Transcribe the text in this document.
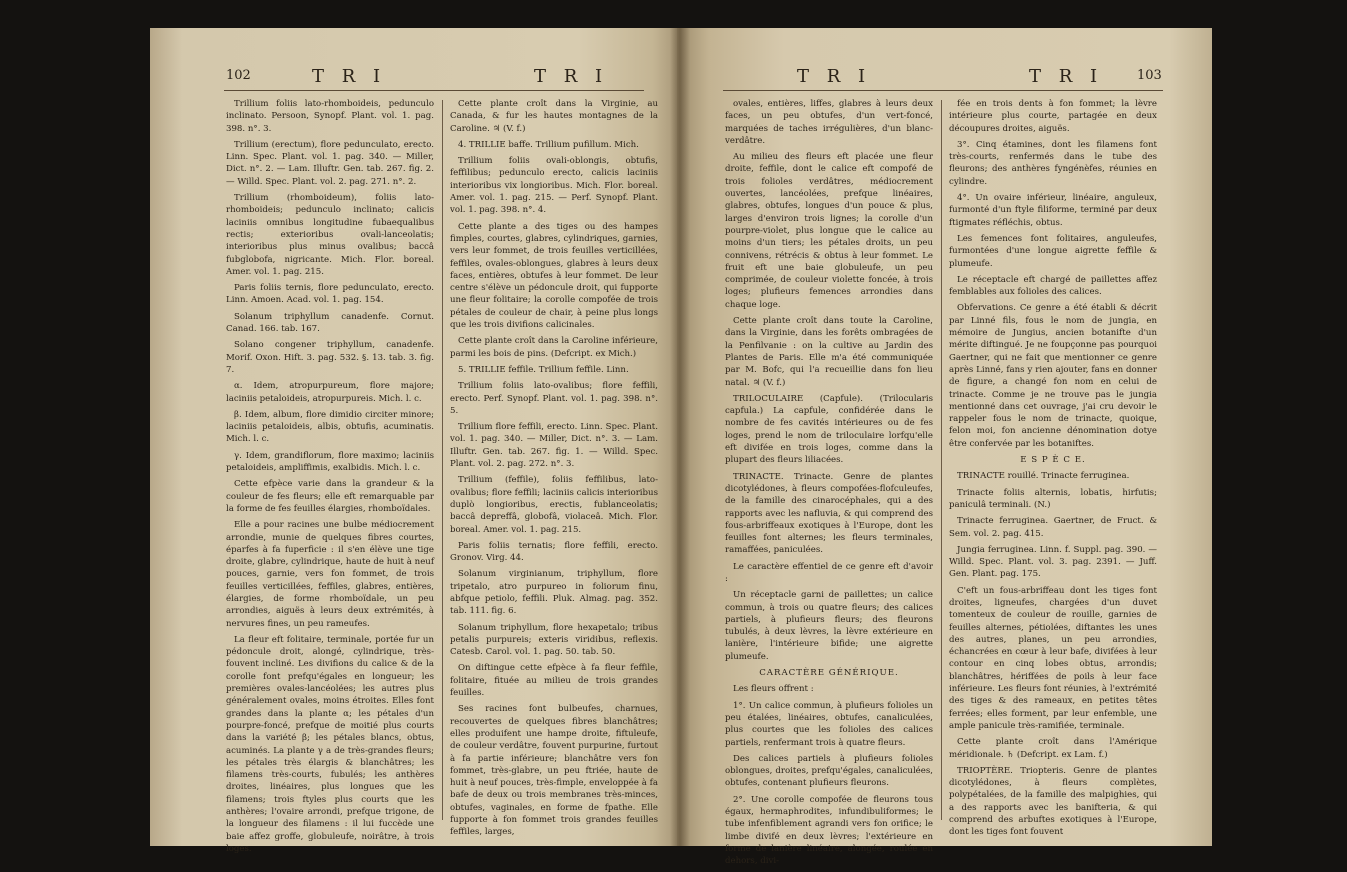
102	T R I	T R I

Trillium foliis lato-rhomboideis, pedunculo inclinato. Persoon, Synopf. Plant. vol. 1. pag. 398. n°. 3.

Trillium (erectum), flore pedunculato, erecto. Linn. Spec. Plant. vol. 1. pag. 340. — Miller, Dict. n°. 2. — Lam. Illuftr. Gen. tab. 267. fig. 2. — Willd. Spec. Plant. vol. 2. pag. 271. n°. 2.

Trillium (rhomboideum), foliis lato-rhomboideis; pedunculo inclinato; calicis laciniis omnibus longitudine fubaequalibus rectis; exterioribus ovali-lanceolatis; interioribus plus minus ovalibus; baccâ fubglobofa, nigricante. Mich. Flor. boreal. Amer. vol. 1. pag. 215.

Paris foliis ternis, flore pedunculato, erecto. Linn. Amoen. Acad. vol. 1. pag. 154.

Solanum triphyllum canadenfe. Cornut. Canad. 166. tab. 167.

Solano congener triphyllum, canadenfe. Morif. Oxon. Hift. 3. pag. 532. §. 13. tab. 3. fig. 7.

α. Idem, atropurpureum, flore majore; laciniis petaloideis, atropurpureis. Mich. l. c.

β. Idem, album, flore dimidio circiter minore; laciniis petaloideis, albis, obtufis, acuminatis. Mich. l. c.

γ. Idem, grandiflorum, flore maximo; laciniis petaloideis, ampliffimis, exalbidis. Mich. l. c.

Cette efpèce varie dans la grandeur & la couleur de fes fleurs; elle eft remarquable par la forme de fes feuilles élargies, rhomboïdales.

Elle a pour racines une bulbe médiocrement arrondie, munie de quelques fibres courtes, éparfes à fa fuperficie : il s'en élève une tige droite, glabre, cylindrique, haute de huit à neuf pouces, garnie, vers fon fommet, de trois feuilles verticillées, feffiles, glabres, entières, élargies, de forme rhomboïdale, un peu arrondies, aiguës à leurs deux extrémités, à nervures fines, un peu rameufes.

La fleur eft folitaire, terminale, portée fur un pédoncule droit, alongé, cylindrique, très-fouvent incliné. Les divifions du calice & de la corolle font prefqu'égales en longueur; les premières ovales-lancéolées; les autres plus généralement ovales, moins étroites. Elles font grandes dans la plante α; les pétales d'un pourpre-foncé, prefque de moitié plus courts dans la variété β; les pétales blancs, obtus, acuminés. La plante γ a de très-grandes fleurs; les pétales très élargis & blanchâtres; les filamens très-courts, fubulés; les anthères droites, linéaires, plus longues que les filamens; trois ftyles plus courts que les anthères; l'ovaire arrondi, prefque trigone, de la longueur des filamens : il lui fuccède une baie affez groffe, globuleufe, noirâtre, à trois loges.

Cette plante croît dans la Virginie, au Canada, & fur les hautes montagnes de la Caroline. ♃ (V. f.)

4. TRILLIE baffe. Trillium pufillum. Mich.

Trillium foliis ovali-oblongis, obtufis, feffilibus; pedunculo erecto, calicis laciniis interioribus vix longioribus. Mich. Flor. boreal. Amer. vol. 1. pag. 215. — Perf. Synopf. Plant. vol. 1. pag. 398. n°. 4.

Cette plante a des tiges ou des hampes fimples, courtes, glabres, cylindriques, garnies, vers leur fommet, de trois feuilles verticillées, feffiles, ovales-oblongues, glabres à leurs deux faces, entières, obtufes à leur fommet. De leur centre s'élève un pédoncule droit, qui fupporte une fleur folitaire; la corolle compofée de trois pétales de couleur de chair, à peine plus longs que les trois divifions calicinales.

Cette plante croît dans la Caroline inférieure, parmi les bois de pins. (Defcript. ex Mich.)

5. TRILLIE feffile. Trillium feffile. Linn.

Trillium foliis lato-ovalibus; flore feffili, erecto. Perf. Synopf. Plant. vol. 1. pag. 398. n°. 5.

Trillium flore feffili, erecto. Linn. Spec. Plant. vol. 1. pag. 340. — Miller, Dict. n°. 3. — Lam. Illuftr. Gen. tab. 267. fig. 1. — Willd. Spec. Plant. vol. 2. pag. 272. n°. 3.

Trillium (feffile), foliis feffilibus, lato-ovalibus; flore feffili; laciniis calicis interioribus duplò longioribus, erectis, fublanceolatis; baccâ depreffâ, globofâ, violaceâ. Mich. Flor. boreal. Amer. vol. 1. pag. 215.

Paris foliis ternatis; flore feffili, erecto. Gronov. Virg. 44.

Solanum virginianum, triphyllum, flore tripetalo, atro purpureo in foliorum finu, abfque petiolo, feffili. Pluk. Almag. pag. 352. tab. 111. fig. 6.

Solanum triphyllum, flore hexapetalo; tribus petalis purpureis; exteris viridibus, reflexis. Catesb. Carol. vol. 1. pag. 50. tab. 50.

On diftingue cette efpèce à fa fleur feffile, folitaire, fituée au milieu de trois grandes feuilles.

Ses racines font bulbeufes, charnues, recouvertes de quelques fibres blanchâtres; elles produifent une hampe droite, fiftuleufe, de couleur verdâtre, fouvent purpurine, furtout à fa partie inférieure; blanchâtre vers fon fommet, très-glabre, un peu ftriée, haute de huit à neuf pouces, très-fimple, enveloppée à fa bafe de deux ou trois membranes très-minces, obtufes, vaginales, en forme de fpathe. Elle fupporte à fon fommet trois grandes feuilles feffiles, larges,

T R I	T R I	103

ovales, entières, liffes, glabres à leurs deux faces, un peu obtufes, d'un vert-foncé, marquées de taches irrégulières, d'un blanc-verdâtre.

Au milieu des fleurs eft placée une fleur droite, feffile, dont le calice eft compofé de trois folioles verdâtres, médiocrement ouvertes, lancéolées, prefque linéaires, glabres, obtufes, longues d'un pouce & plus, larges d'environ trois lignes; la corolle d'un pourpre-violet, plus longue que le calice au moins d'un tiers; les pétales droits, un peu connivens, rétrécis & obtus à leur fommet. Le fruit eft une baie globuleufe, un peu comprimée, de couleur violette foncée, à trois loges; plufieurs femences arrondies dans chaque loge.

Cette plante croît dans toute la Caroline, dans la Virginie, dans les forêts ombragées de la Penfilvanie : on la cultive au Jardin des Plantes de Paris. Elle m'a été communiquée par M. Bofc, qui l'a recueillie dans fon lieu natal. ♃ (V. f.)

TRILOCULAIRE (Capfule). (Trilocularis capfula.) La capfule, confidérée dans le nombre de fes cavités intérieures ou de fes loges, prend le nom de triloculaire lorfqu'elle eft divifée en trois loges, comme dans la plupart des fleurs liliacées.

TRINACTE. Trinacte. Genre de plantes dicotylédones, à fleurs compofées-flofculeufes, de la famille des cinarocéphales, qui a des rapports avec les nafluvia, & qui comprend des fous-arbriffeaux exotiques à l'Europe, dont les feuilles font alternes; les fleurs terminales, ramaffées, paniculées.

Le caractère effentiel de ce genre eft d'avoir :

Un réceptacle garni de paillettes; un calice commun, à trois ou quatre fleurs; des calices partiels, à plufieurs fleurs; des fleurons tubulés, à deux lèvres, la lèvre extérieure en lanière, l'intérieure bifide; une aigrette plumeufe.

CARACTÈRE GÉNÉRIQUE.

Les fleurs offrent :

1°. Un calice commun, à plufieurs folioles un peu étalées, linéaires, obtufes, canaliculées, plus courtes que les folioles des calices partiels, renfermant trois à quatre fleurs.

Des calices partiels à plufieurs folioles oblongues, droites, prefqu'égales, canaliculées, obtufes, contenant plufieurs fleurons.

2°. Une corolle compofée de fleurons tous égaux, hermaphrodites, infundibuliformes; le tube infenfiblement agrandi vers fon orifice; le limbe divifé en deux lèvres; l'extérieure en forme de lanière linéaire, alongée, roulée en dehors, divi-

fée en trois dents à fon fommet; la lèvre intérieure plus courte, partagée en deux découpures droites, aiguës.

3°. Cinq étamines, dont les filamens font très-courts, renfermés dans le tube des fleurons; des anthères fyngénèfes, réunies en cylindre.

4°. Un ovaire inférieur, linéaire, anguleux, furmonté d'un ftyle filiforme, terminé par deux ftigmates réfléchis, obtus.

Les femences font folitaires, anguleufes, furmontées d'une longue aigrette feffile & plumeufe.

Le réceptacle eft chargé de paillettes affez femblables aux folioles des calices.

Obfervations. Ce genre a été établi & décrit par Linné fils, fous le nom de jungia, en mémoire de Jungius, ancien botanifte d'un mérite diftingué. Je ne foupçonne pas pourquoi Gaertner, qui ne fait que mentionner ce genre après Linné, fans y rien ajouter, fans en donner de figure, a changé fon nom en celui de trinacte. Comme je ne trouve pas le jungia mentionné dans cet ouvrage, j'ai cru devoir le rappeler fous le nom de trinacte, quoique, felon moi, fon ancienne dénomination dotye être confervée par les botaniftes.

E S P È C E.

TRINACTE rouillé. Trinacte ferruginea.

Trinacte foliis alternis, lobatis, hirfutis; paniculâ terminali. (N.)

Trinacte ferruginea. Gaertner, de Fruct. & Sem. vol. 2. pag. 415.

Jungia ferruginea. Linn. f. Suppl. pag. 390. — Willd. Spec. Plant. vol. 3. pag. 2391. — Juff. Gen. Plant. pag. 175.

C'eft un fous-arbriffeau dont les tiges font droites, ligneufes, chargées d'un duvet tomenteux de couleur de rouille, garnies de feuilles alternes, pétiolées, diftantes les unes des autres, planes, un peu arrondies, échancrées en cœur à leur bafe, divifées à leur contour en cinq lobes obtus, arrondis; blanchâtres, hériffées de poils à leur face inférieure. Les fleurs font réunies, à l'extrémité des tiges & des rameaux, en petites têtes ferrées; elles forment, par leur enfemble, une ample panicule très-ramifiée, terminale.

Cette plante croît dans l'Amérique méridionale. ♄ (Defcript. ex Lam. f.)

TRIOPTÈRE. Triopteris. Genre de plantes dicotylédones, à fleurs complètes, polypétalées, de la famille des malpighies, qui a des rapports avec les banifteria, & qui comprend des arbuftes exotiques à l'Europe, dont les tiges font fouvent
